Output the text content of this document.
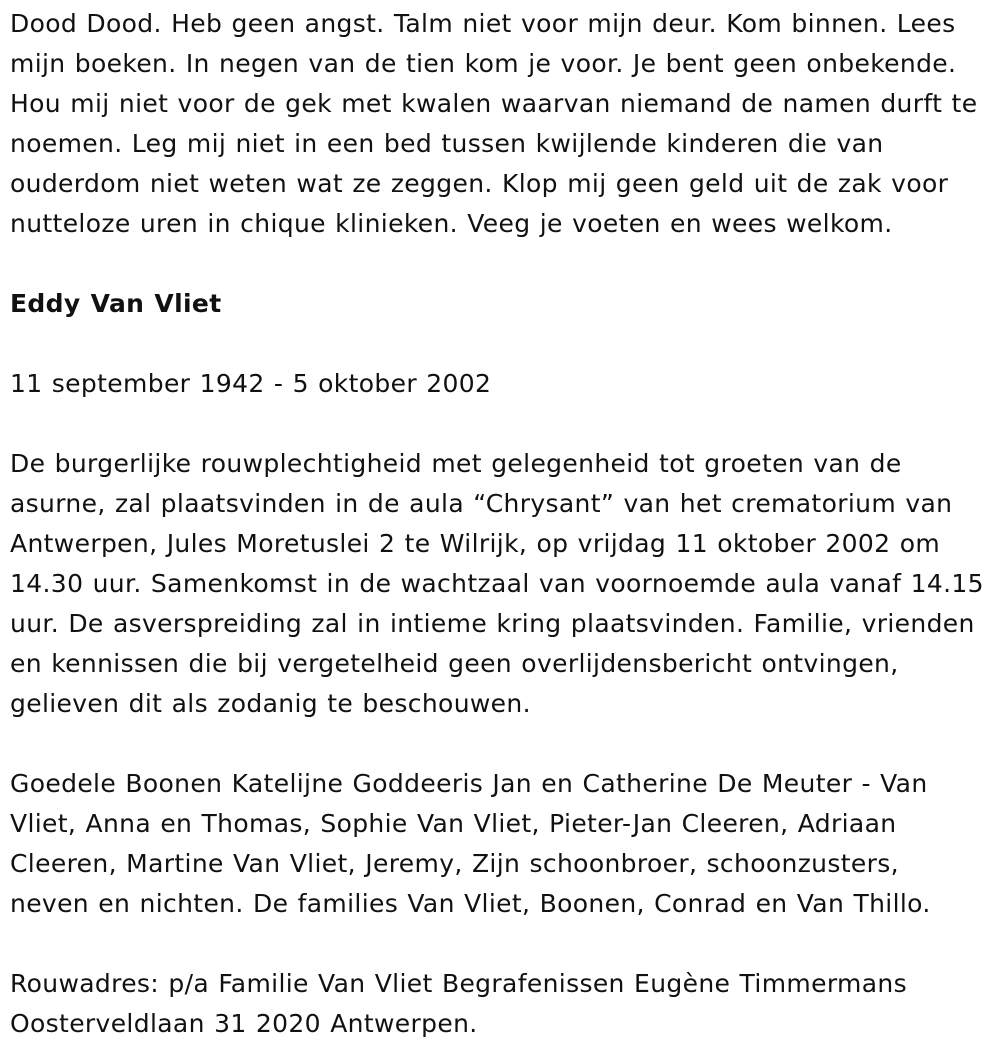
Dood Dood. Heb geen angst. Talm niet voor mijn deur. Kom binnen. Lees mijn boeken. In negen van de tien kom je voor. Je bent geen onbekende. Hou mij niet voor de gek met kwalen waarvan niemand de namen durft te noemen. Leg mij niet in een bed tussen kwijlende kinderen die van ouderdom niet weten wat ze zeggen. Klop mij geen geld uit de zak voor nutteloze uren in chique klinieken. Veeg je voeten en wees welkom.

Eddy Van Vliet

11 september 1942 - 5 oktober 2002

De burgerlijke rouwplechtigheid met gelegenheid tot groeten van de asurne, zal plaatsvinden in de aula “Chrysant” van het crematorium van Antwerpen, Jules Moretuslei 2 te Wilrijk, op vrijdag 11 oktober 2002 om 14.30 uur. Samenkomst in de wachtzaal van voornoemde aula vanaf 14.15 uur. De asverspreiding zal in intieme kring plaatsvinden. Familie, vrienden en kennissen die bij vergetelheid geen overlijdensbericht ontvingen, gelieven dit als zodanig te beschouwen.

Goedele Boonen Katelijne Goddeeris Jan en Catherine De Meuter - Van Vliet, Anna en Thomas, Sophie Van Vliet, Pieter-Jan Cleeren, Adriaan Cleeren, Martine Van Vliet, Jeremy, Zijn schoonbroer, schoonzusters, neven en nichten. De families Van Vliet, Boonen, Conrad en Van Thillo.

Rouwadres: p/a Familie Van Vliet Begrafenissen Eugène Timmermans Oosterveldlaan 31 2020 Antwerpen.
